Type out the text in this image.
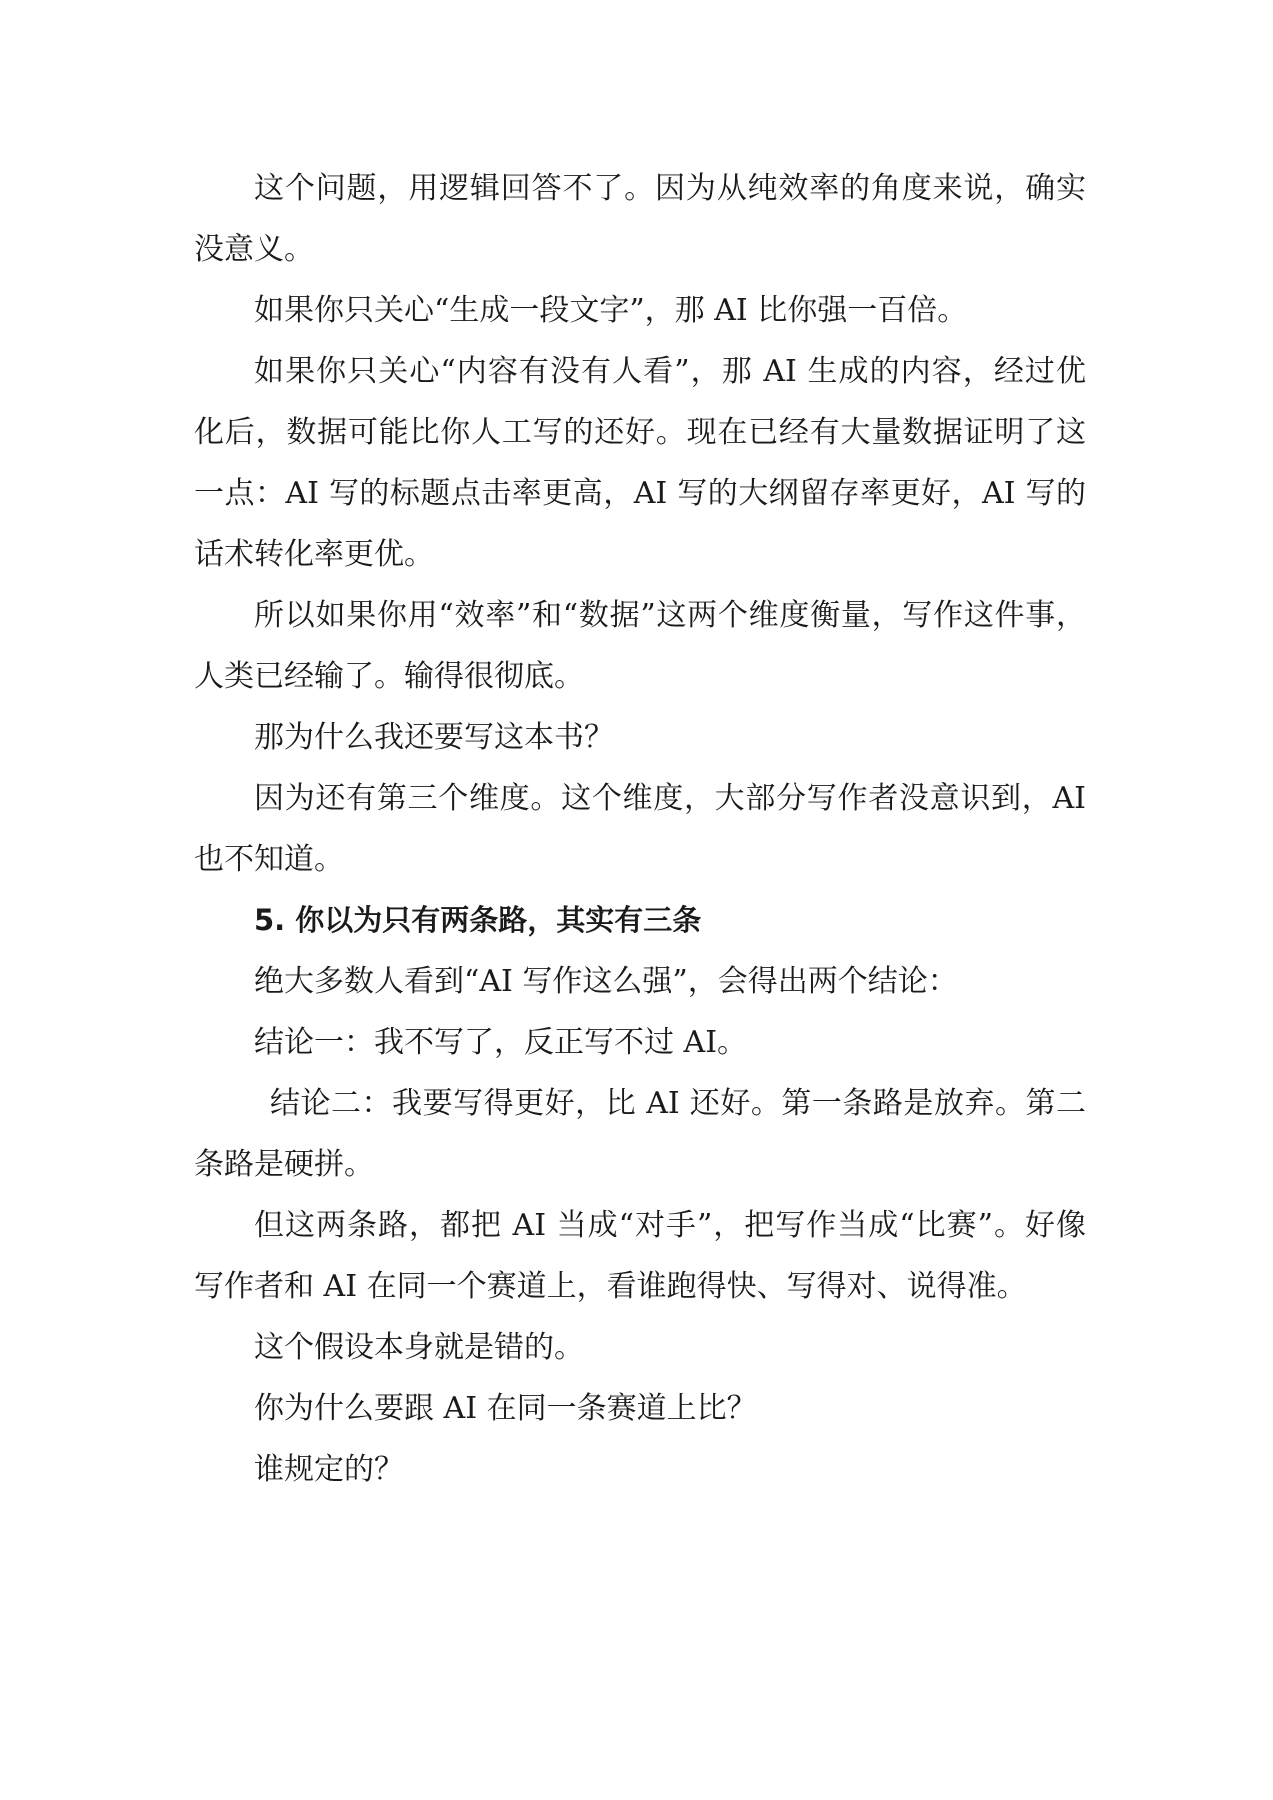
这个问题，用逻辑回答不了。因为从纯效率的角度来说，确实没意义。

如果你只关心“生成一段文字”，那 AI 比你强一百倍。

如果你只关心“内容有没有人看”，那 AI 生成的内容，经过优化后，数据可能比你人工写的还好。现在已经有大量数据证明了这一点：AI 写的标题点击率更高，AI 写的大纲留存率更好，AI 写的话术转化率更优。

所以如果你用“效率”和“数据”这两个维度衡量，写作这件事，人类已经输了。输得很彻底。

那为什么我还要写这本书？

因为还有第三个维度。这个维度，大部分写作者没意识到，AI 也不知道。

5. 你以为只有两条路，其实有三条

绝大多数人看到“AI 写作这么强”，会得出两个结论：

结论一：我不写了，反正写不过 AI。

结论二：我要写得更好，比 AI 还好。第一条路是放弃。第二条路是硬拼。

但这两条路，都把 AI 当成“对手”，把写作当成“比赛”。好像写作者和 AI 在同一个赛道上，看谁跑得快、写得对、说得准。

这个假设本身就是错的。

你为什么要跟 AI 在同一条赛道上比？

谁规定的？
